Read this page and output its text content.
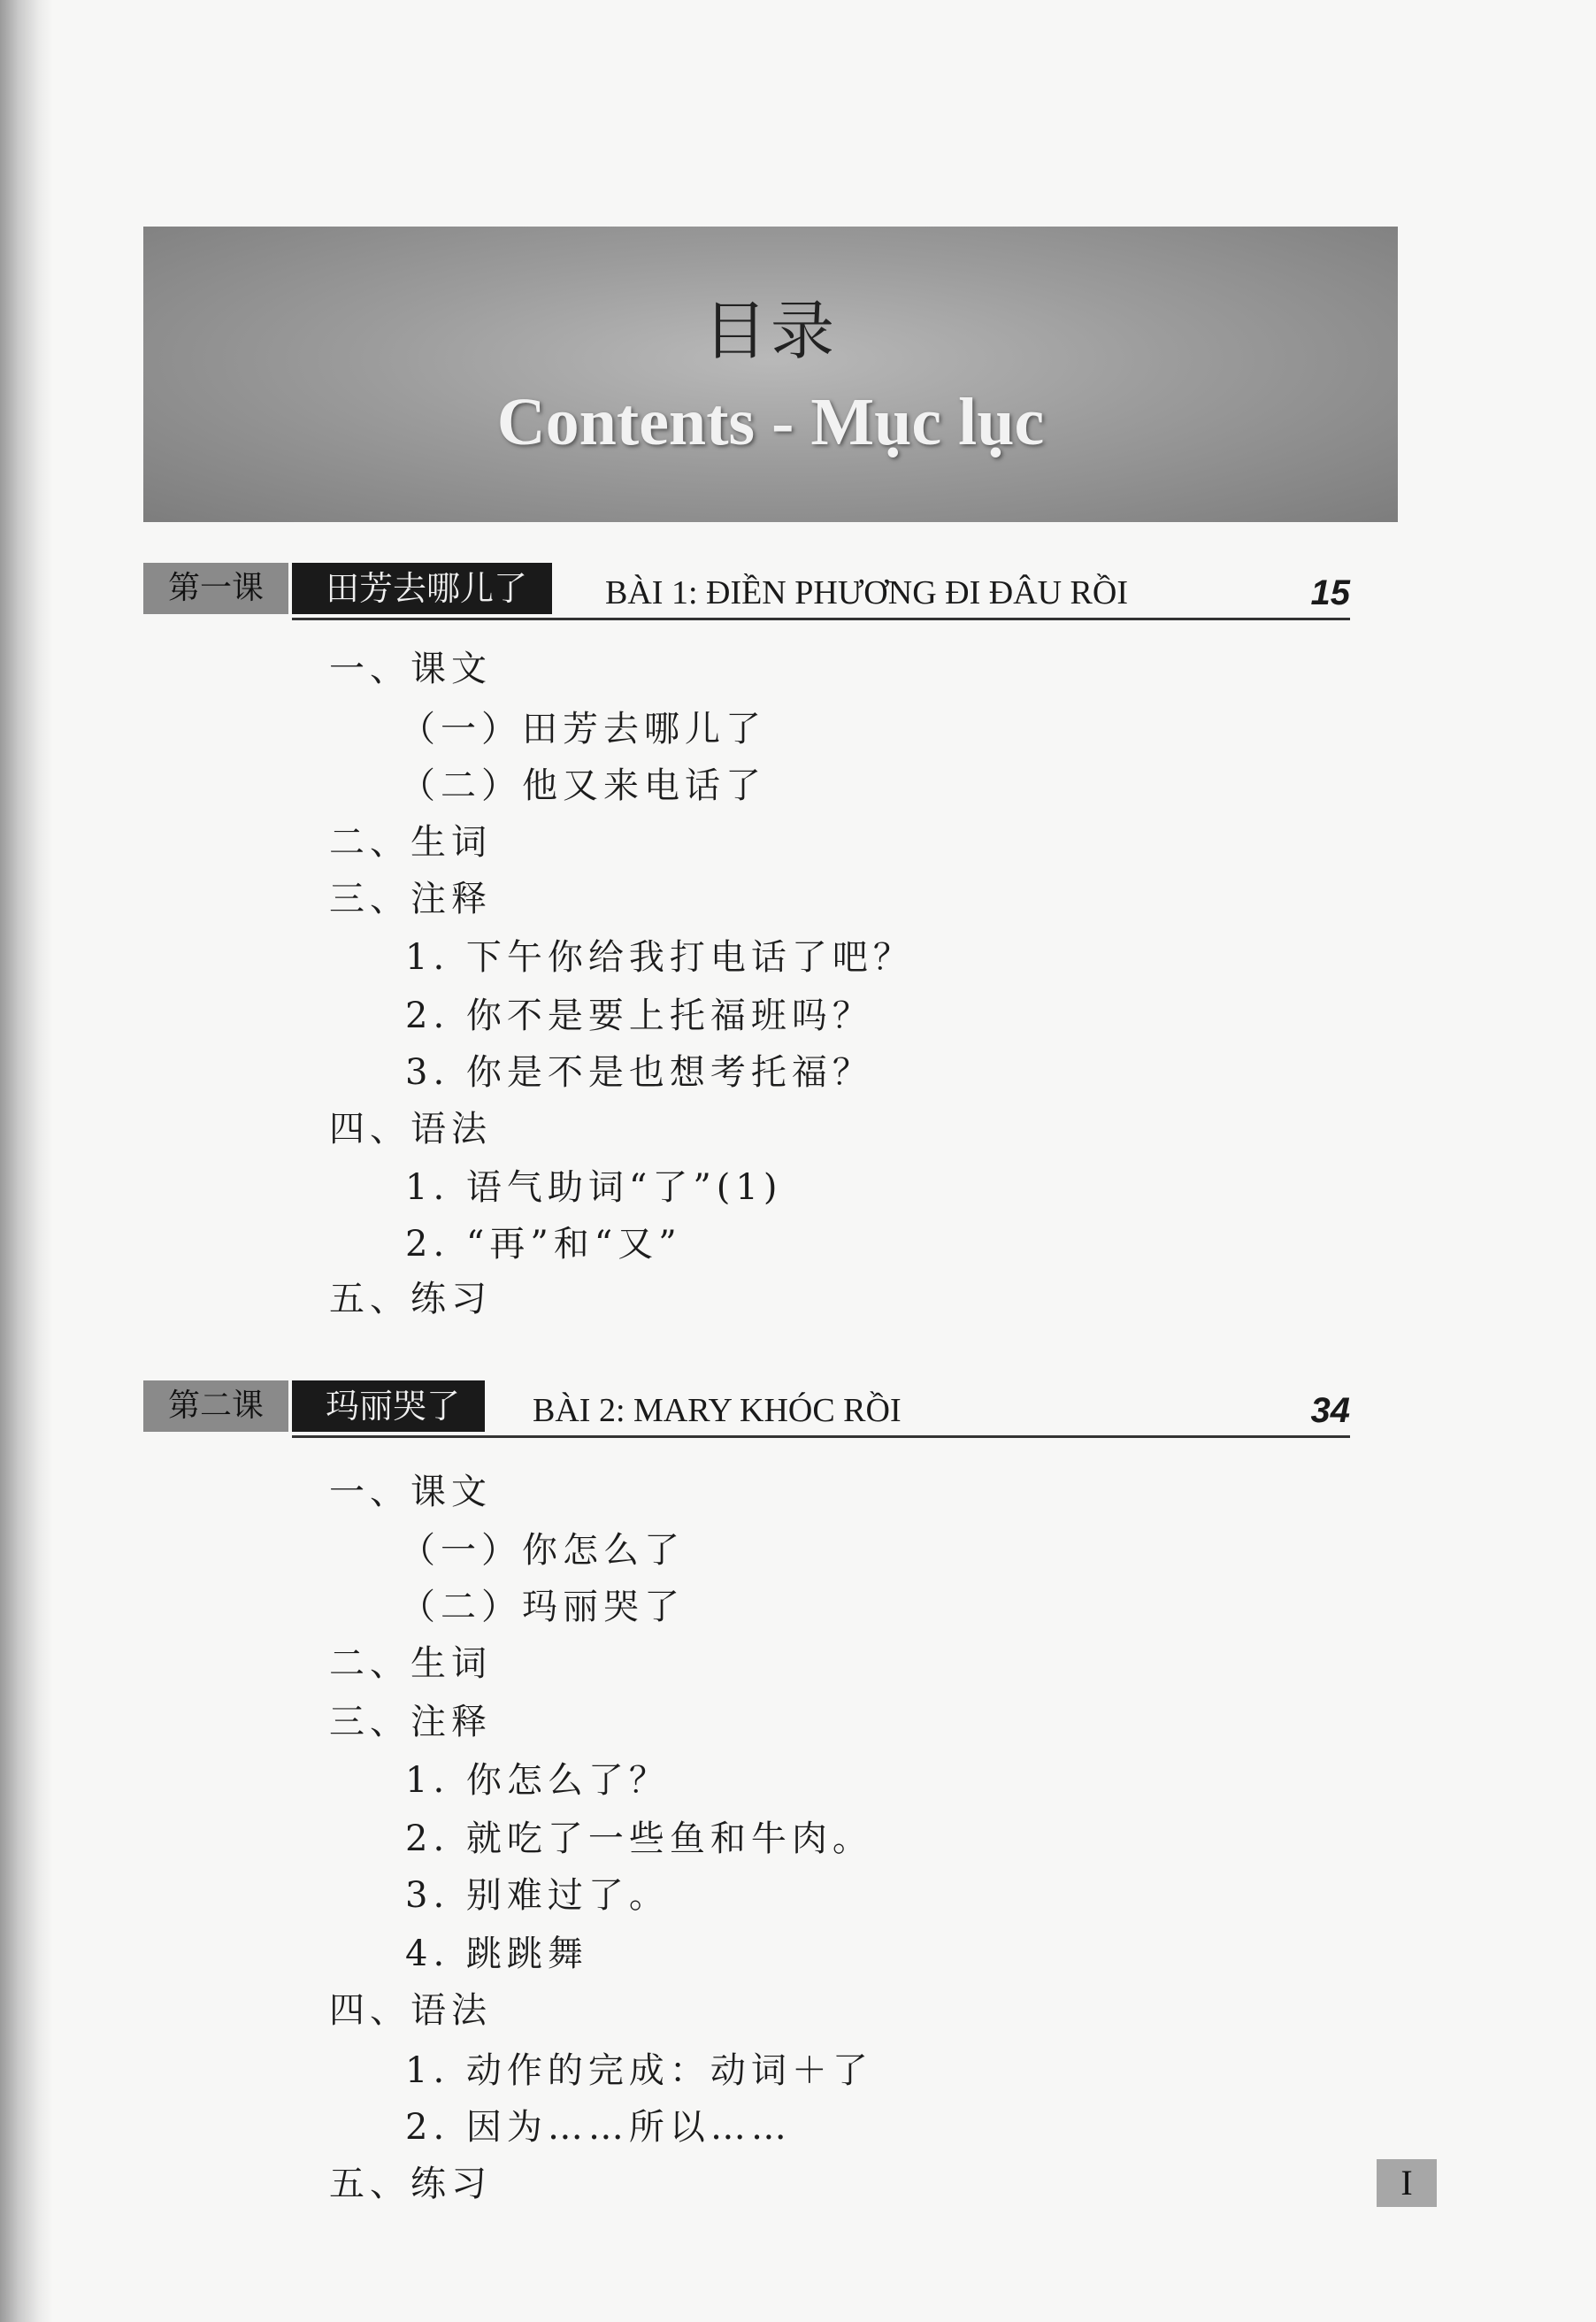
目录
Contents - Mục lục
第一课	田芳去哪儿了	BÀI 1: ĐIỀN PHƯƠNG ĐI ĐÂU RỒI	15
一、课文
（一）田芳去哪儿了
（二）他又来电话了
二、生词
三、注释
1. 下午你给我打电话了吧？
2. 你不是要上托福班吗？
3. 你是不是也想考托福？
四、语法
1. 语气助词“了”(1)
2. “再”和“又”
五、练习
第二课	玛丽哭了	BÀI 2: MARY KHÓC RỒI	34
一、课文
（一）你怎么了
（二）玛丽哭了
二、生词
三、注释
1. 你怎么了？
2. 就吃了一些鱼和牛肉。
3. 别难过了。
4. 跳跳舞
四、语法
1. 动作的完成：动词＋了
2. 因为……所以……
五、练习	I
